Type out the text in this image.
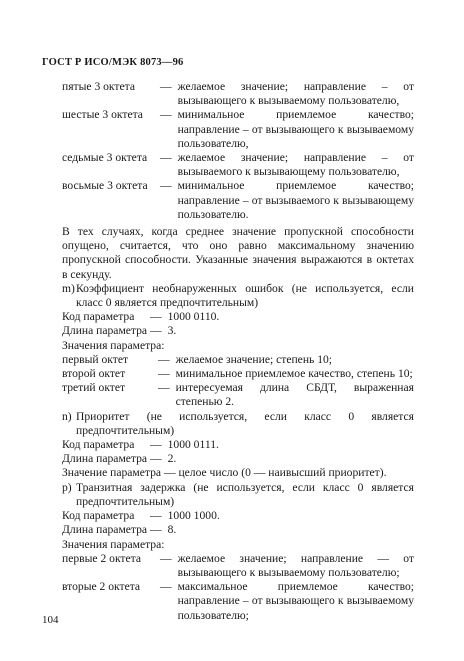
ГОСТ Р ИСО/МЭК 8073—96
пятые 3 октета	— желаемое значение; направление – от вызывающего к вызываемому пользователю,
шестые 3 октета	— минимальное приемлемое качество; направление – от вызывающего к вызываемому пользователю,
седьмые 3 октета	— желаемое значение; направление – от вызываемого к вызывающему пользователю,
восьмые 3 октета	— минимальное приемлемое качество; направление – от вызываемого к вызывающему пользователю.
В тех случаях, когда среднее значение пропускной способности опущено, считается, что оно равно максимальному значению пропускной способности. Указанные значения выражаются в октетах в секунду.
m) Коэффициент необнаруженных ошибок (не используется, если класс 0 является предпочтительным)
Код параметра	— 1000 0110.
Длина параметра — 3.
Значения параметра:
первый октет	— желаемое значение; степень 10;
второй октет	— минимальное приемлемое качество, степень 10;
третий октет	— интересуемая длина СБДТ, выраженная степенью 2.
n) Приоритет (не используется, если класс 0 является предпочтительным)
Код параметра	— 1000 0111.
Длина параметра — 2.
Значение параметра — целое число (0 — наивысший приоритет).
p) Транзитная задержка (не используется, если класс 0 является предпочтительным)
Код параметра	— 1000 1000.
Длина параметра — 8.
Значения параметра:
первые 2 октета	— желаемое значение; направление — от вызывающего к вызываемому пользователю;
вторые 2 октета	— максимальное приемлемое качество; направление – от вызывающего к вызываемому пользователю;
104
